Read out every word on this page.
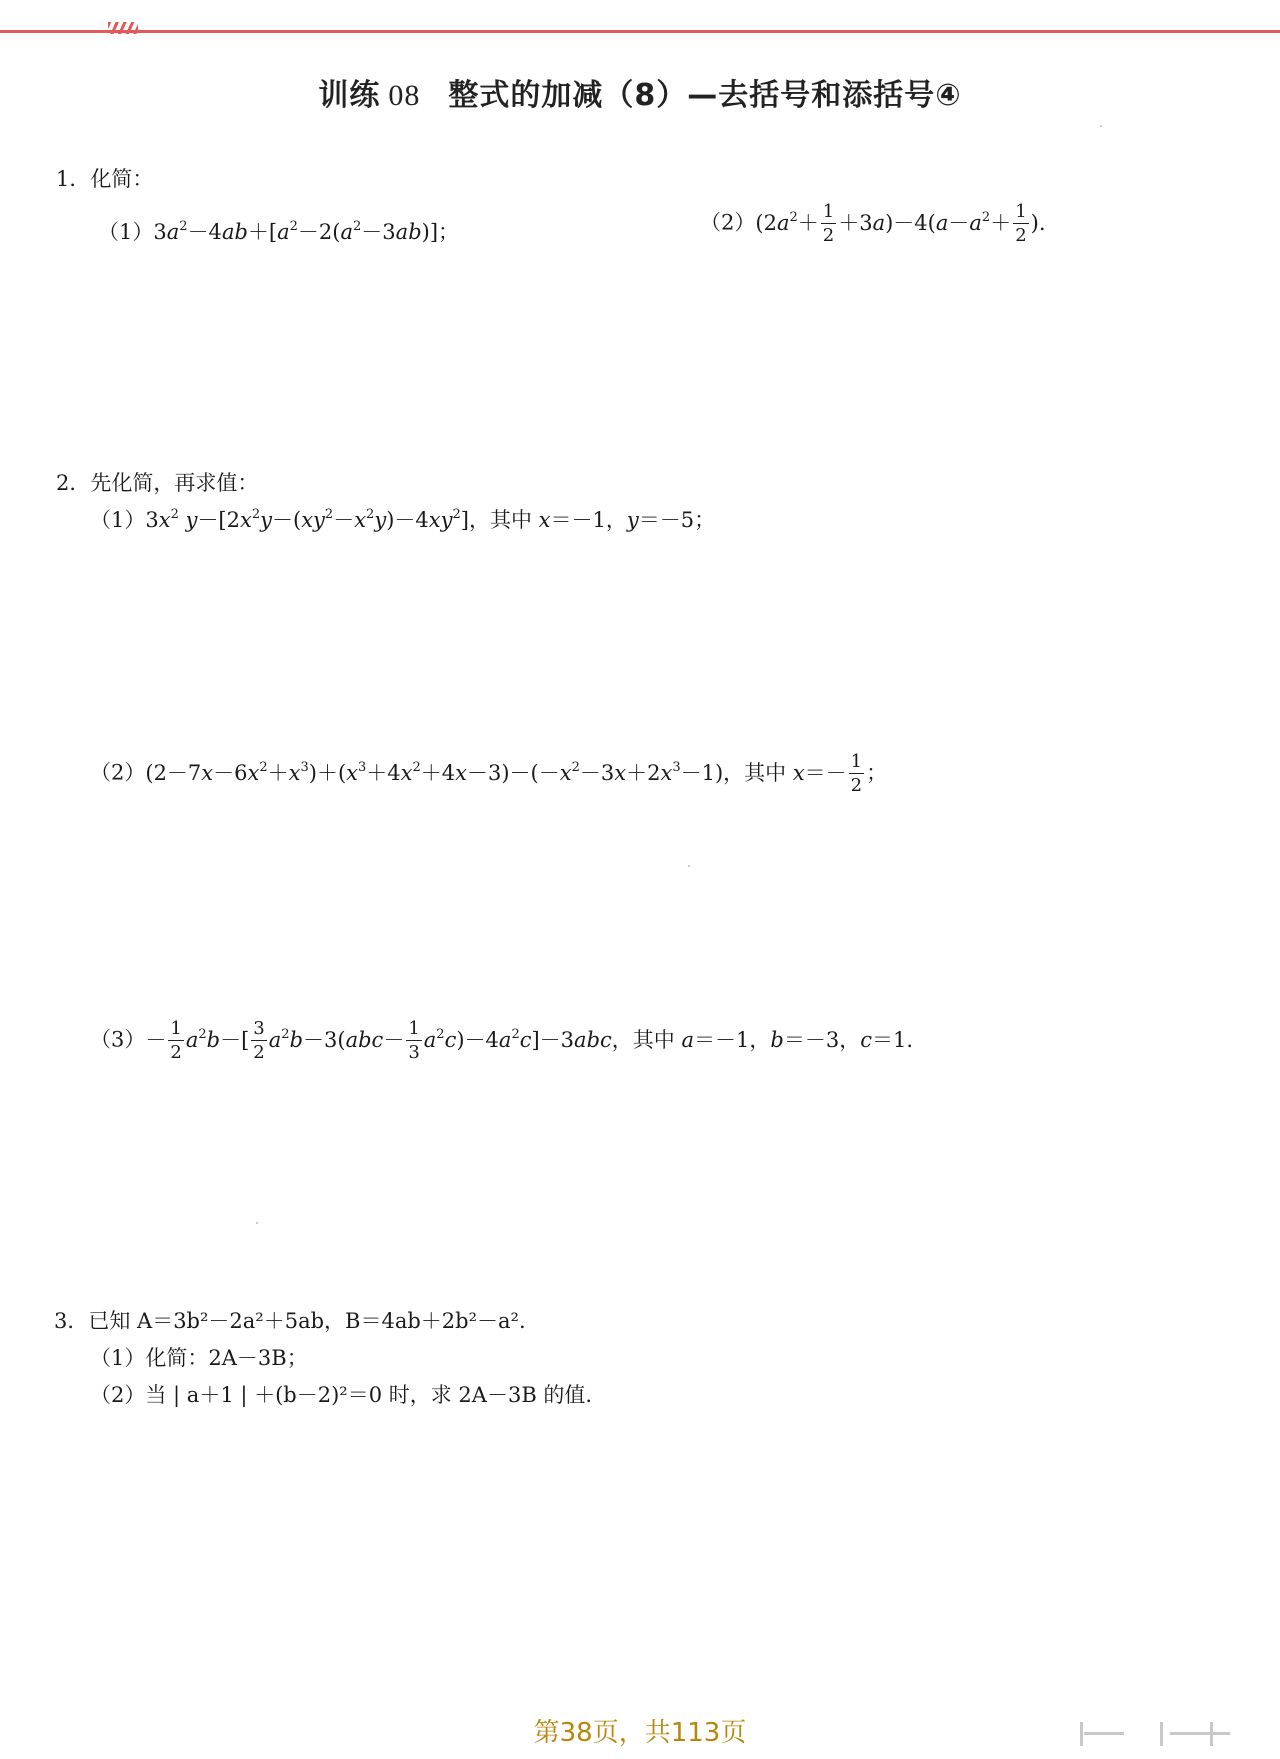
训练 08 整式的加减（8）—去括号和添括号④
1．化简：
$(1)3a^2-4ab+[a^2-2(a^2-3ab)]$；	$(2)(2a^2+ \frac{1}{2} +3a)-4(a-a^2+ \frac{1}{2}$ ).
2．先化简，再求值：
$(1)3x^2$ $y-[2x^2y-(xy^2-x^2y)-4xy^2]$，其中 x＝－1，y＝－5；
$(2)(2-7x-6x^2+x^3)+(x^3+4x^2+4x-3)-(-x^2-3x+2x^3-1)$，其中 $x=- \frac{1}{2}$ ；
$(3)- \frac{1}{2} a^2b-[ \frac{3}{2} a^2b-3(abc- \frac{1}{3} a^2c)-4a^2c]-3abc$，其中 a＝－1，b＝－3，c＝1.
3．已知 A＝3b²－2a²＋5ab，B＝4ab＋2b²－a².
（1）化简：2A－3B；
（2）当 | a＋1 | ＋(b－2)²＝0 时，求 2A－3B 的值.
第38页，共113页
